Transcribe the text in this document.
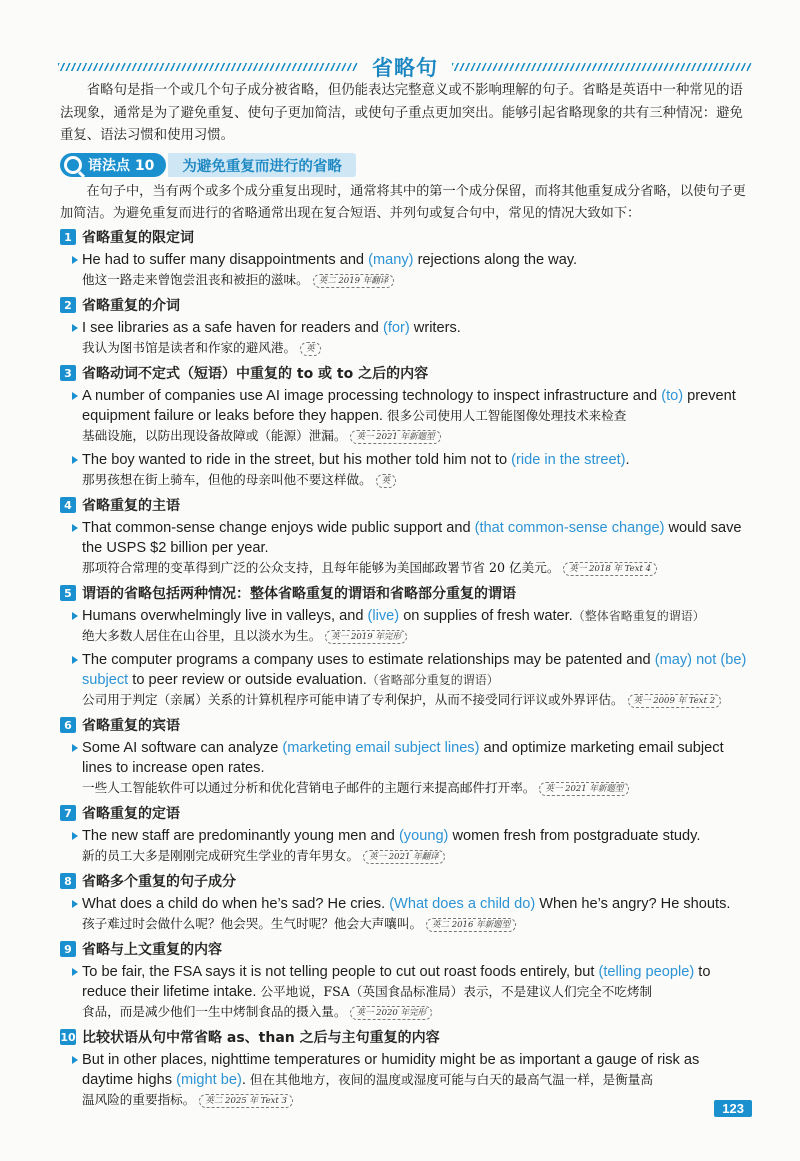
省略句
省略句是指一个或几个句子成分被省略，但仍能表达完整意义或不影响理解的句子。省略是英语中一种常见的语法现象，通常是为了避免重复、使句子更加简洁，或使句子重点更加突出。能够引起省略现象的共有三种情况：避免重复、语法习惯和使用习惯。
语法点 10	为避免重复而进行的省略
在句子中，当有两个或多个成分重复出现时，通常将其中的第一个成分保留，而将其他重复成分省略，以使句子更加简洁。为避免重复而进行的省略通常出现在复合短语、并列句或复合句中，常见的情况大致如下：
1 省略重复的限定词
He had to suffer many disappointments and (many) rejections along the way.
他这一路走来曾饱尝沮丧和被拒的滋味。 英二 2019 年翻译
2 省略重复的介词
I see libraries as a safe haven for readers and (for) writers.
我认为图书馆是读者和作家的避风港。 英
3 省略动词不定式（短语）中重复的 to 或 to 之后的内容
A number of companies use AI image processing technology to inspect infrastructure and (to) prevent equipment failure or leaks before they happen. 很多公司使用人工智能图像处理技术来检查
基础设施，以防出现设备故障或（能源）泄漏。 英一 2021 年新题型
The boy wanted to ride in the street, but his mother told him not to (ride in the street).
那男孩想在街上骑车，但他的母亲叫他不要这样做。 英
4 省略重复的主语
That common-sense change enjoys wide public support and (that common-sense change) would save the USPS $2 billion per year.
那项符合常理的变革得到广泛的公众支持，且每年能够为美国邮政署节省 20 亿美元。 英一 2018 年 Text 4
5 谓语的省略包括两种情况：整体省略重复的谓语和省略部分重复的谓语
Humans overwhelmingly live in valleys, and (live) on supplies of fresh water.（整体省略重复的谓语）
绝大多数人居住在山谷里，且以淡水为生。 英一 2019 年完形
The computer programs a company uses to estimate relationships may be patented and (may) not (be) subject to peer review or outside evaluation.（省略部分重复的谓语）
公司用于判定（亲属）关系的计算机程序可能申请了专利保护，从而不接受同行评议或外界评估。 英一 2009 年 Text 2
6 省略重复的宾语
Some AI software can analyze (marketing email subject lines) and optimize marketing email subject lines to increase open rates.
一些人工智能软件可以通过分析和优化营销电子邮件的主题行来提高邮件打开率。 英一 2021 年新题型
7 省略重复的定语
The new staff are predominantly young men and (young) women fresh from postgraduate study.
新的员工大多是刚刚完成研究生学业的青年男女。 英一 2021 年翻译
8 省略多个重复的句子成分
What does a child do when he’s sad? He cries. (What does a child do) When he’s angry? He shouts.
孩子难过时会做什么呢？他会哭。生气时呢？他会大声嚷叫。 英二 2016 年新题型
9 省略与上文重复的内容
To be fair, the FSA says it is not telling people to cut out roast foods entirely, but (telling people) to reduce their lifetime intake. 公平地说，FSA（英国食品标准局）表示，不是建议人们完全不吃烤制
食品，而是减少他们一生中烤制食品的摄入量。 英一 2020 年完形
10 比较状语从句中常省略 as、than 之后与主句重复的内容
But in other places, nighttime temperatures or humidity might be as important a gauge of risk as daytime highs (might be). 但在其他地方，夜间的温度或湿度可能与白天的最高气温一样，是衡量高
温风险的重要指标。 英二 2025 年 Text 3	123
